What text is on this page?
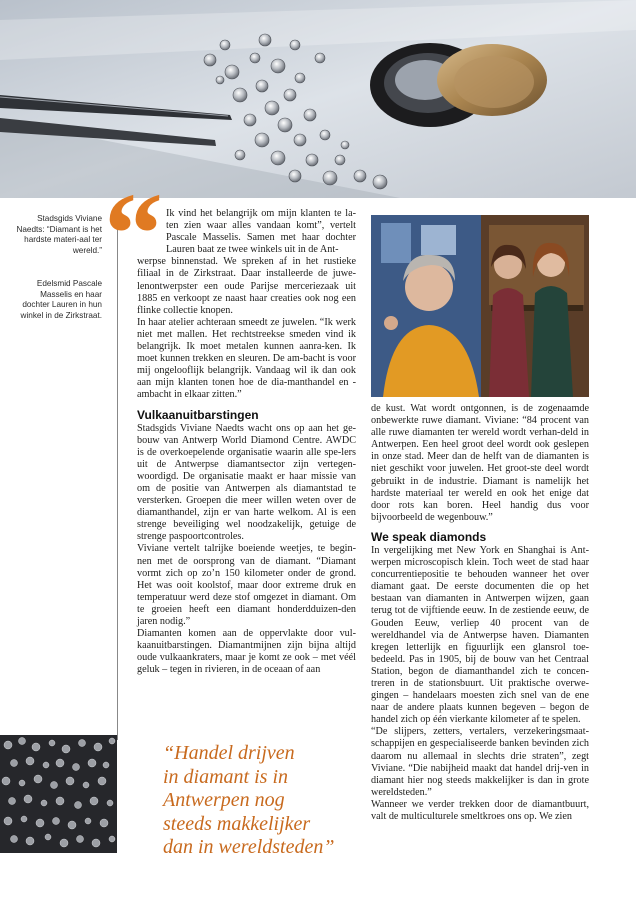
Stadsgids Viviane Naedts: “Diamant is het hardste materi-aal ter wereld.”
Edelsmid Pascale Masselis en haar dochter Lauren in hun winkel in de Zirkstraat.
“	Ik vind het belangrijk om mijn klanten te la-ten zien waar alles vandaan komt”, vertelt Pascale Masselis. Samen met haar dochter Lauren baat ze twee winkels uit in de Ant-

werpse binnenstad. We spreken af in het rustieke filiaal in de Zirkstraat. Daar installeerde de juwe-lenontwerpster een oude Parijse merceriezaak uit 1885 en verkoopt ze naast haar creaties ook nog een flinke collectie knopen.

In haar atelier achteraan smeedt ze juwelen. “Ik werk niet met mallen. Het rechtstreekse smeden vind ik belangrijk. Ik moet metalen kunnen aanra-ken. Ik moet kunnen trekken en sleuren. De am-bacht is voor mij ongelooflijk belangrijk. Vandaag wil ik dan ook aan mijn klanten tonen hoe de dia-manthandel en -ambacht in elkaar zitten.”

Vulkaanuitbarstingen

Stadsgids Viviane Naedts wacht ons op aan het ge-bouw van Antwerp World Diamond Centre. AWDC is de overkoepelende organisatie waarin alle spe-lers uit de Antwerpse diamantsector zijn vertegen-woordigd. De organisatie maakt er haar missie van om de positie van Antwerpen als diamantstad te versterken. Groepen die meer willen weten over de diamanthandel, zijn er van harte welkom. Al is een strenge beveiliging wel noodzakelijk, getuige de strenge paspoortcontroles.

Viviane vertelt talrijke boeiende weetjes, te begin-nen met de oorsprong van de diamant. “Diamant vormt zich op zo’n 150 kilometer onder de grond. Het was ooit koolstof, maar door extreme druk en temperatuur werd deze stof omgezet in diamant. Om te groeien heeft een diamant honderdduizen-den jaren nodig.”

Diamanten komen aan de oppervlakte door vul-kaanuitbarstingen. Diamantmijnen zijn bijna altijd oude vulkaankraters, maar je komt ze ook – met véél geluk – tegen in rivieren, in de oceaan of aan

de kust. Wat wordt ontgonnen, is de zogenaamde onbewerkte ruwe diamant. Viviane: “84 procent van alle ruwe diamanten ter wereld wordt verhan-deld in Antwerpen. Een heel groot deel wordt ook geslepen in onze stad. Meer dan de helft van de diamanten is niet geschikt voor juwelen. Het groot-ste deel wordt gebruikt in de industrie. Diamant is namelijk het hardste materiaal ter wereld en ook het enige dat door rots kan boren. Heel handig dus voor bijvoorbeeld de wegenbouw.”

We speak diamonds

In vergelijking met New York en Shanghai is Ant-werpen microscopisch klein. Toch weet de stad haar concurrentiepositie te behouden wanneer het over diamant gaat. De eerste documenten die op het bestaan van diamanten in Antwerpen wijzen, gaan terug tot de vijftiende eeuw. In de zestiende eeuw, de Gouden Eeuw, verliep 40 procent van de wereldhandel via de Antwerpse haven. Diamanten kregen letterlijk en figuurlijk een glansrol toe-bedeeld. Pas in 1905, bij de bouw van het Centraal Station, begon de diamanthandel zich te concen-treren in de stationsbuurt. Uit praktische overwe-gingen – handelaars moesten zich snel van de ene naar de andere plaats kunnen begeven – begon de handel zich op één vierkante kilometer af te spelen.

“De slijpers, zetters, vertalers, verzekeringsmaat-schappijen en gespecialiseerde banken bevinden zich daarom nu allemaal in slechts drie straten”, zegt Viviane. “Die nabijheid maakt dat handel drij-ven in diamant hier nog steeds makkelijker is dan in grote wereldsteden.”

Wanneer we verder trekken door de diamantbuurt, valt de multiculturele smeltkroes ons op. We zien

“Handel drijven
in diamant is in
Antwerpen nog
steeds makkelijker
dan in wereldsteden”
